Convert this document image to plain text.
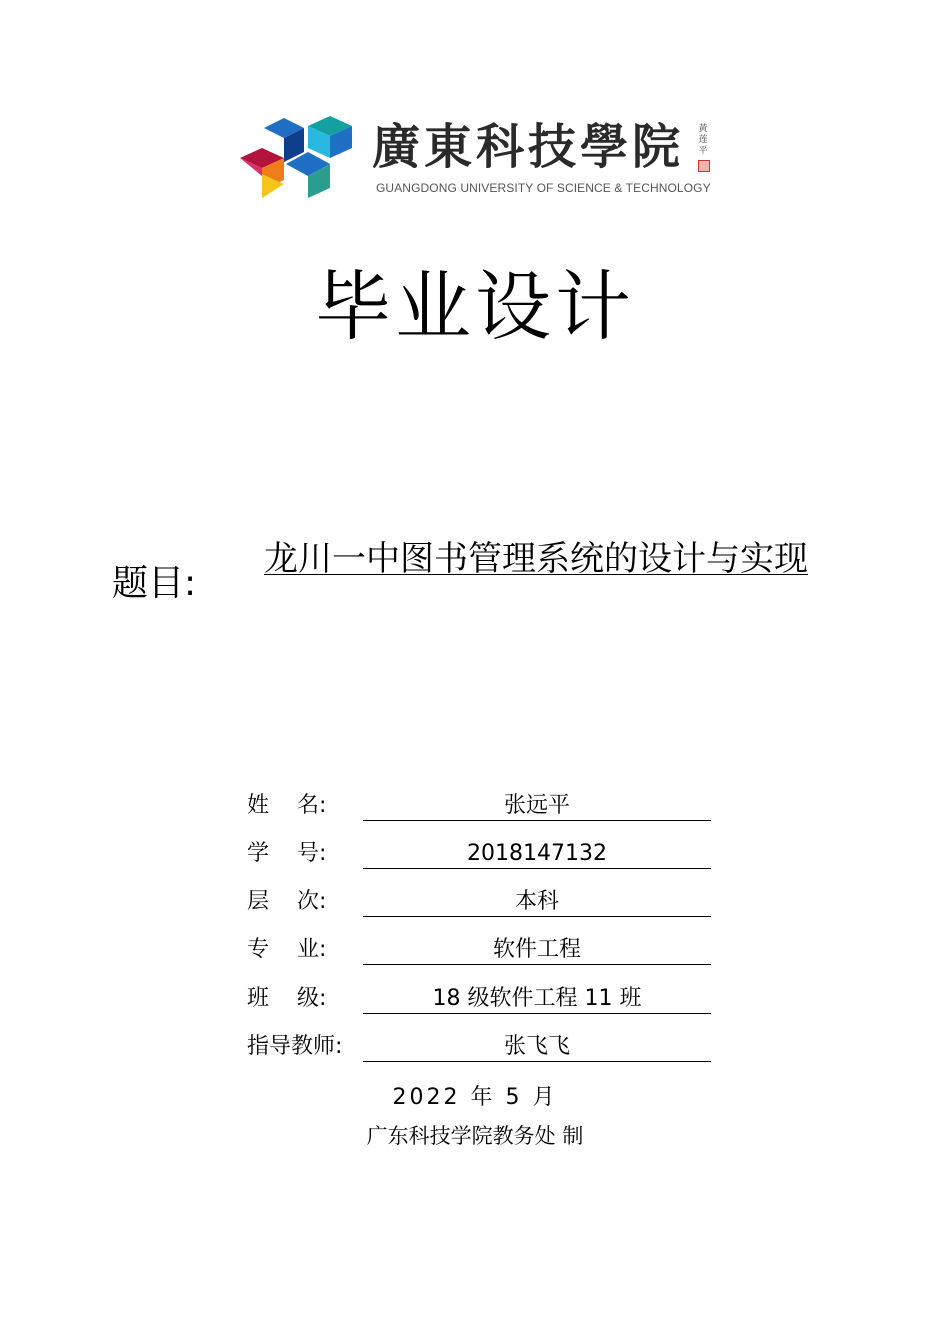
廣東科技學院
GUANGDONG UNIVERSITY OF SCIENCE & TECHNOLOGY
黃莲平
毕业设计
题目:
龙川一中图书管理系统的设计与实现
姓    名:	张远平
学    号:	2018147132
层    次:	本科
专    业:	软件工程
班    级:	18 级软件工程 11 班
指导教师:	张飞飞
2022 年 5 月
广东科技学院教务处 制
